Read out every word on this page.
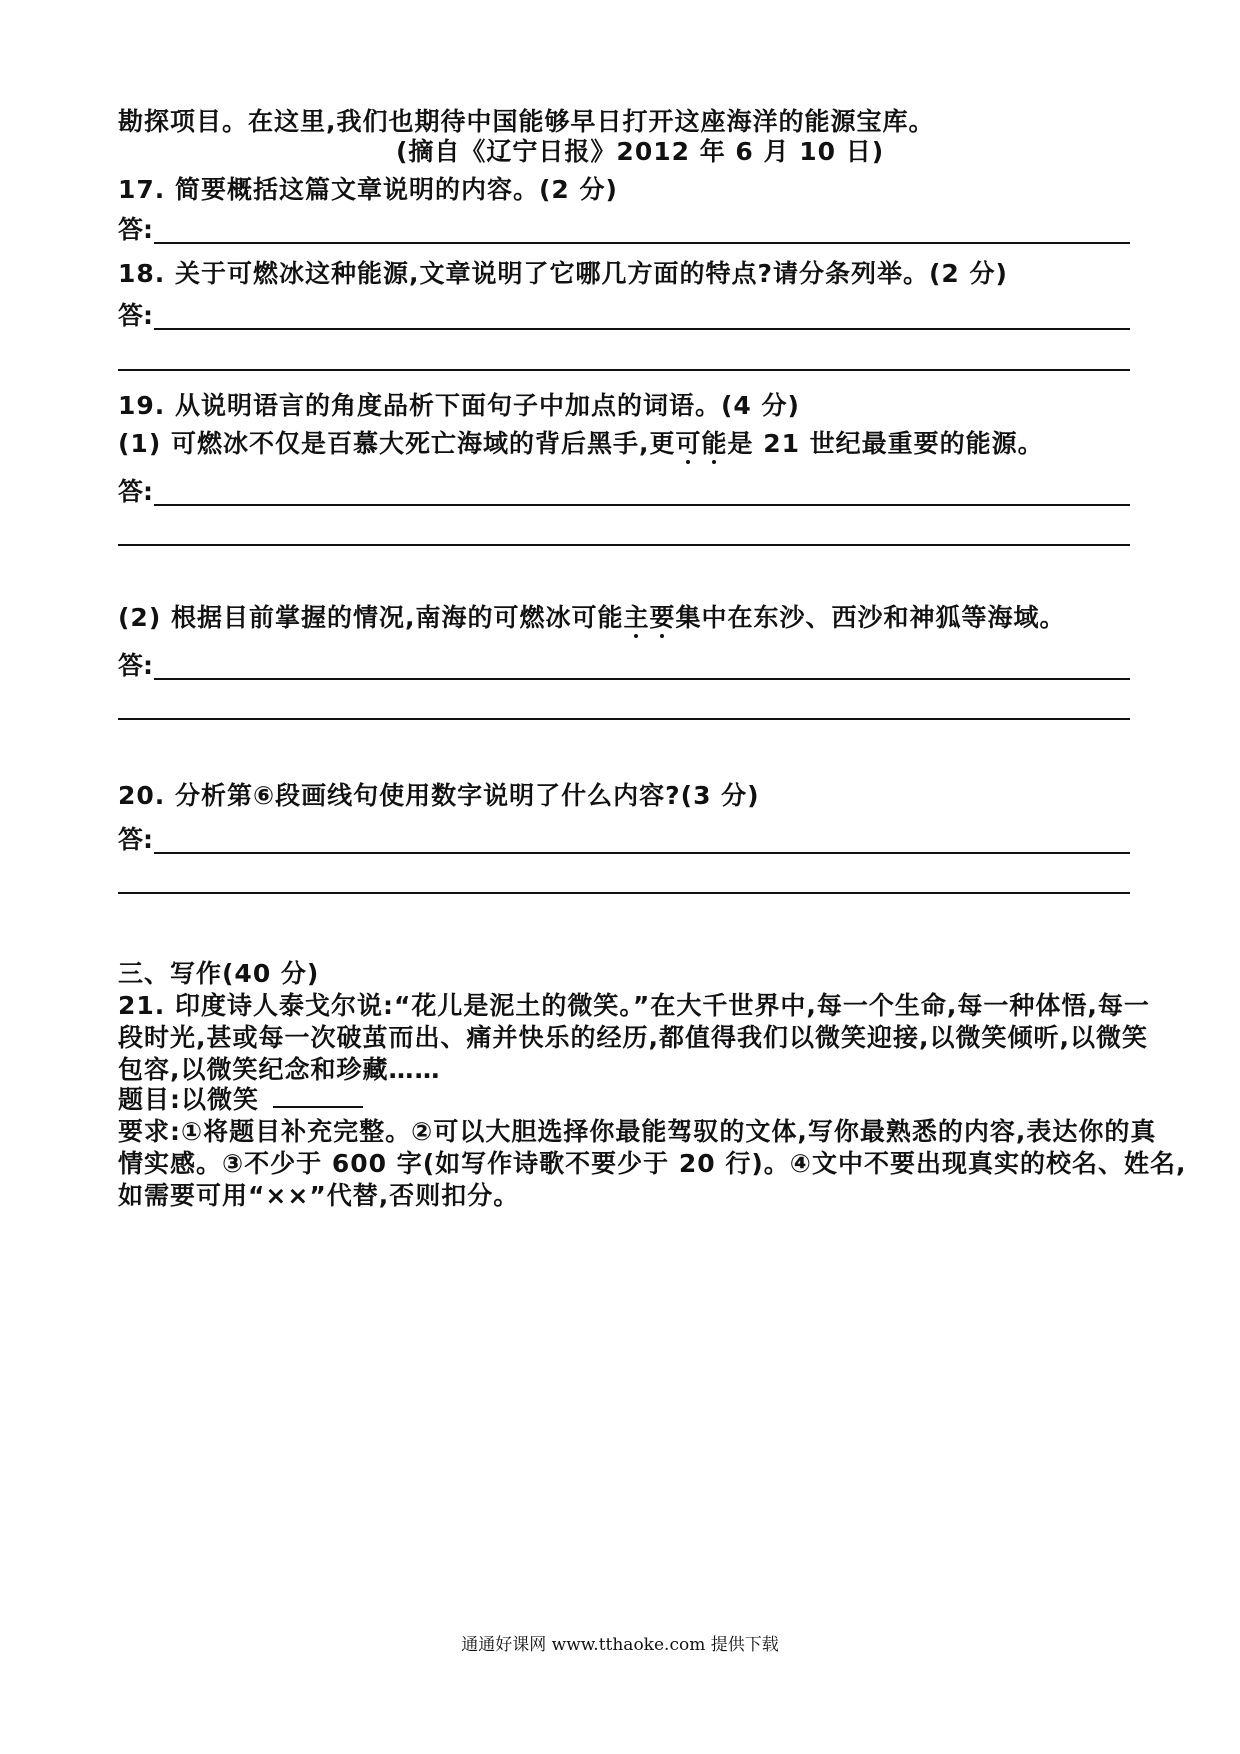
勘探项目。在这里,我们也期待中国能够早日打开这座海洋的能源宝库。
(摘自《辽宁日报》2012 年 6 月 10 日)
17. 简要概括这篇文章说明的内容。(2 分)
答:
18. 关于可燃冰这种能源,文章说明了它哪几方面的特点?请分条列举。(2 分)
答:
19. 从说明语言的角度品析下面句子中加点的词语。(4 分)
(1) 可燃冰不仅是百慕大死亡海域的背后黑手,更可能是 21 世纪最重要的能源。
答:
(2) 根据目前掌握的情况,南海的可燃冰可能主要集中在东沙、西沙和神狐等海域。
答:
20. 分析第⑥段画线句使用数字说明了什么内容?(3 分)
答:
三、写作(40 分)
21. 印度诗人泰戈尔说:“花儿是泥土的微笑。”在大千世界中,每一个生命,每一种体悟,每一
段时光,甚或每一次破茧而出、痛并快乐的经历,都值得我们以微笑迎接,以微笑倾听,以微笑
包容,以微笑纪念和珍藏……
题目:以微笑
要求:①将题目补充完整。②可以大胆选择你最能驾驭的文体,写你最熟悉的内容,表达你的真
情实感。③不少于 600 字(如写作诗歌不要少于 20 行)。④文中不要出现真实的校名、姓名,
如需要可用“××”代替,否则扣分。
通通好课网 www.tthaoke.com 提供下载
